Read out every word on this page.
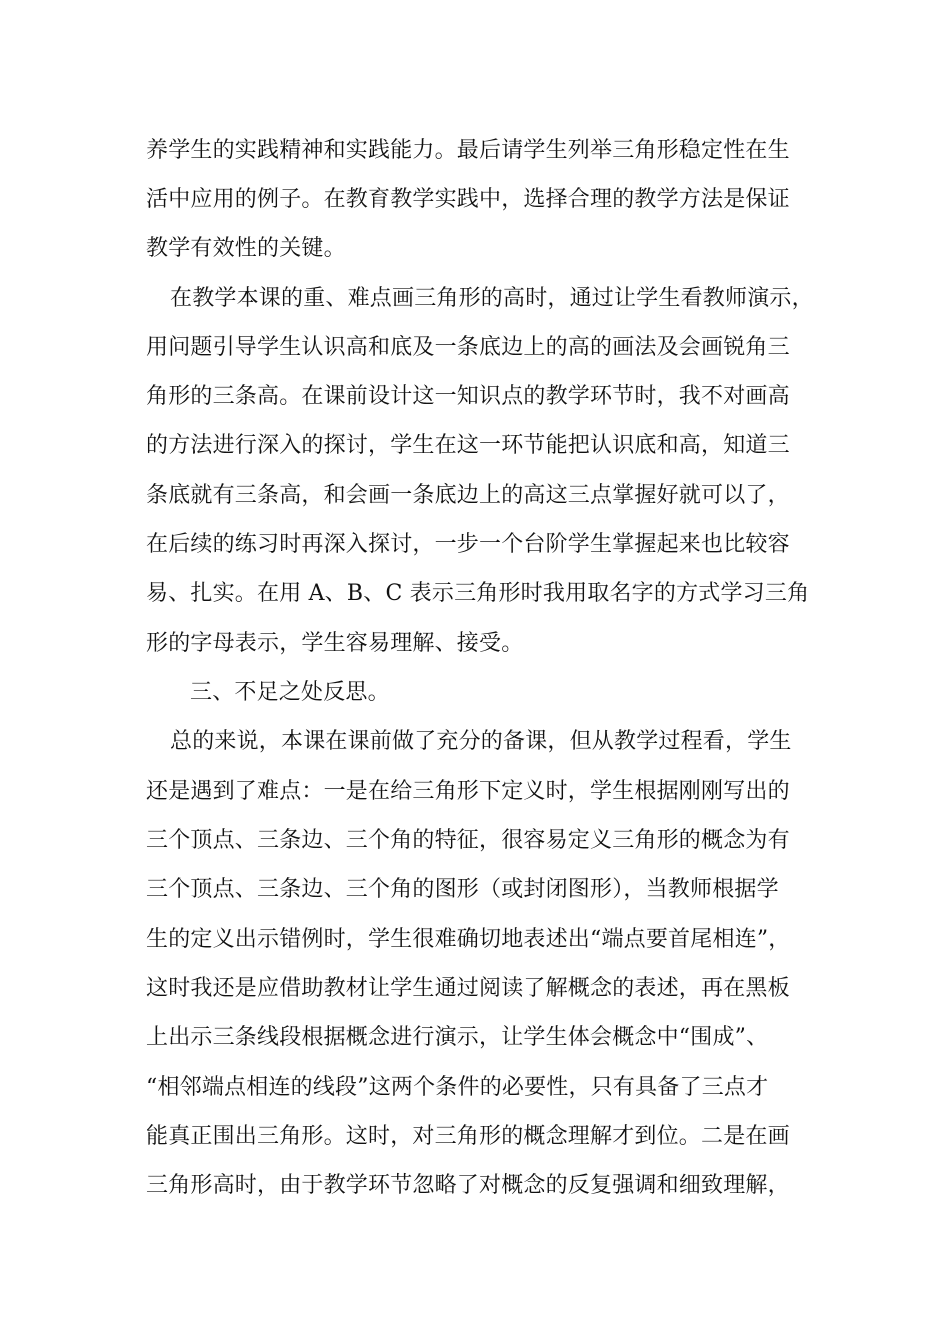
养学生的实践精神和实践能力。最后请学生列举三角形稳定性在生
活中应用的例子。在教育教学实践中，选择合理的教学方法是保证
教学有效性的关键。
在教学本课的重、难点画三角形的高时，通过让学生看教师演示，
用问题引导学生认识高和底及一条底边上的高的画法及会画锐角三
角形的三条高。在课前设计这一知识点的教学环节时，我不对画高
的方法进行深入的探讨，学生在这一环节能把认识底和高，知道三
条底就有三条高，和会画一条底边上的高这三点掌握好就可以了，
在后续的练习时再深入探讨，一步一个台阶学生掌握起来也比较容
易、扎实。在用 A、B、C 表示三角形时我用取名字的方式学习三角
形的字母表示，学生容易理解、接受。
三、不足之处反思。
总的来说，本课在课前做了充分的备课，但从教学过程看，学生
还是遇到了难点：一是在给三角形下定义时，学生根据刚刚写出的
三个顶点、三条边、三个角的特征，很容易定义三角形的概念为有
三个顶点、三条边、三个角的图形（或封闭图形），当教师根据学
生的定义出示错例时，学生很难确切地表述出“端点要首尾相连”，
这时我还是应借助教材让学生通过阅读了解概念的表述，再在黑板
上出示三条线段根据概念进行演示，让学生体会概念中“围成”、
“相邻端点相连的线段”这两个条件的必要性，只有具备了三点才
能真正围出三角形。这时，对三角形的概念理解才到位。二是在画
三角形高时，由于教学环节忽略了对概念的反复强调和细致理解，
